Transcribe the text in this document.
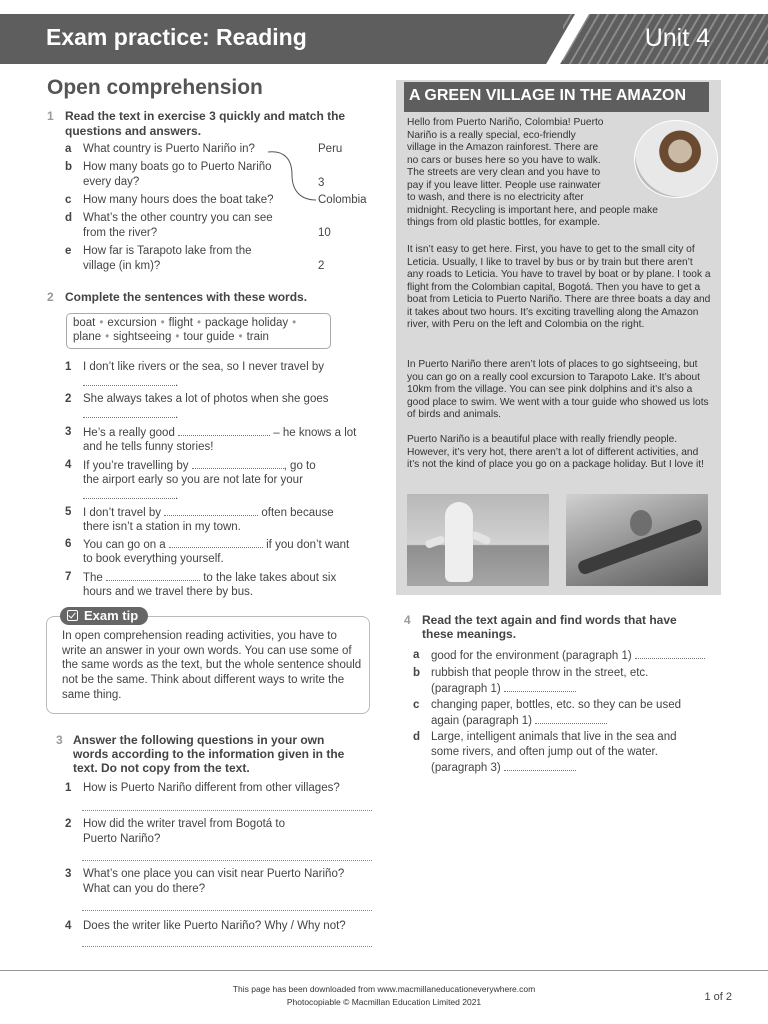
Exam practice: Reading	Unit 4
Open comprehension
1 Read the text in exercise 3 quickly and match the
questions and answers.
a What country is Puerto Nariño in?
b How many boats go to Puerto Nariño
every day?
c How many hours does the boat take?
d What’s the other country you can see
from the river?
e How far is Tarapoto lake from the
village (in km)?
Peru
3
Colombia
10
2
2 Complete the sentences with these words.
boat • excursion • flight • package holiday •
plane • sightseeing • tour guide • train
1 I don’t like rivers or the sea, so I never travel by
.
2 She always takes a lot of photos when she goes
.
3 He’s a really good	– he knows a lot
and he tells funny stories!
4 If you’re travelling by	, go to
the airport early so you are not late for your
.
5 I don’t travel by	often because
there isn’t a station in my town.
6 You can go on a	if you don’t want
to book everything yourself.
7 The	to the lake takes about six
hours and we travel there by bus.
Exam tip
In open comprehension reading activities, you have to write an answer in your own words. You can use some of the same words as the text, but the whole sentence should not be the same. Think about different ways to write the same thing.
3 Answer the following questions in your own
words according to the information given in the
text. Do not copy from the text.
1 How is Puerto Nariño different from other villages?
2 How did the writer travel from Bogotá to
Puerto Nariño?
3 What’s one place you can visit near Puerto Nariño?
What can you do there?
4 Does the writer like Puerto Nariño? Why / Why not?
A GREEN VILLAGE IN THE AMAZON
Hello from Puerto Nariño, Colombia! Puerto
Nariño is a really special, eco-friendly
village in the Amazon rainforest. There are
no cars or buses here so you have to walk.
The streets are very clean and you have to
pay if you leave litter. People use rainwater
to wash, and there is no electricity after
midnight. Recycling is important here, and people make
things from old plastic bottles, for example.
It isn’t easy to get here. First, you have to get to the small city of Leticia. Usually, I like to travel by bus or by train but there aren’t any roads to Leticia. You have to travel by boat or by plane. I took a flight from the Colombian capital, Bogotá. Then you have to get a boat from Leticia to Puerto Nariño. There are three boats a day and it takes about two hours. It’s exciting travelling along the Amazon river, with Peru on the left and Colombia on the right.
In Puerto Nariño there aren’t lots of places to go sightseeing, but you can go on a really cool excursion to Tarapoto Lake. It’s about 10km from the village. You can see pink dolphins and it’s also a good place to swim. We went with a tour guide who showed us lots of birds and animals.
Puerto Nariño is a beautiful place with really friendly people. However, it’s very hot, there aren’t a lot of different activities, and it’s not the kind of place you go on a package holiday. But I love it!
4 Read the text again and find words that have
these meanings.
a good for the environment (paragraph 1)
b rubbish that people throw in the street, etc.
(paragraph 1)
c changing paper, bottles, etc. so they can be used
again (paragraph 1)
d Large, intelligent animals that live in the sea and
some rivers, and often jump out of the water.
(paragraph 3)
This page has been downloaded from www.macmillaneducationeverywhere.com
Photocopiable © Macmillan Education Limited 2021	1 of 2
